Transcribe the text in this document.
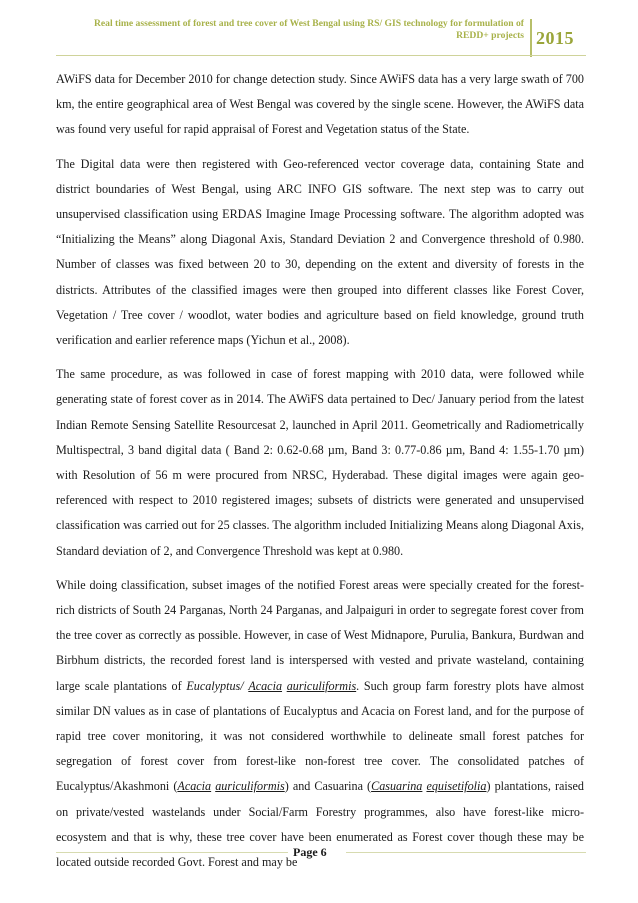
Real time assessment of forest and tree cover of West Bengal using RS/ GIS technology for formulation of
REDD+ projects 2015

AWiFS data for December 2010 for change detection study. Since AWiFS data has a very large swath of 700 km, the entire geographical area of West Bengal was covered by the single scene. However, the AWiFS data was found very useful for rapid appraisal of Forest and Vegetation status of the State.

The Digital data were then registered with Geo-referenced vector coverage data, containing State and district boundaries of West Bengal, using ARC INFO GIS software. The next step was to carry out unsupervised classification using ERDAS Imagine Image Processing software. The algorithm adopted was “Initializing the Means” along Diagonal Axis, Standard Deviation 2 and Convergence threshold of 0.980. Number of classes was fixed between 20 to 30, depending on the extent and diversity of forests in the districts. Attributes of the classified images were then grouped into different classes like Forest Cover, Vegetation / Tree cover / woodlot, water bodies and agriculture based on field knowledge, ground truth verification and earlier reference maps (Yichun et al., 2008).

The same procedure, as was followed in case of forest mapping with 2010 data, were followed while generating state of forest cover as in 2014. The AWiFS data pertained to Dec/ January period from the latest Indian Remote Sensing Satellite Resourcesat 2, launched in April 2011. Geometrically and Radiometrically Multispectral, 3 band digital data ( Band 2: 0.62-0.68 µm, Band 3: 0.77-0.86 µm, Band 4: 1.55-1.70 µm) with Resolution of 56 m were procured from NRSC, Hyderabad. These digital images were again geo-referenced with respect to 2010 registered images; subsets of districts were generated and unsupervised classification was carried out for 25 classes. The algorithm included Initializing Means along Diagonal Axis, Standard deviation of 2, and Convergence Threshold was kept at 0.980.

While doing classification, subset images of the notified Forest areas were specially created for the forest-rich districts of South 24 Parganas, North 24 Parganas, and Jalpaiguri in order to segregate forest cover from the tree cover as correctly as possible. However, in case of West Midnapore, Purulia, Bankura, Burdwan and Birbhum districts, the recorded forest land is interspersed with vested and private wasteland, containing large scale plantations of Eucalyptus/ Acacia auriculiformis. Such group farm forestry plots have almost similar DN values as in case of plantations of Eucalyptus and Acacia on Forest land, and for the purpose of rapid tree cover monitoring, it was not considered worthwhile to delineate small forest patches for segregation of forest cover from forest-like non-forest tree cover. The consolidated patches of Eucalyptus/Akashmoni (Acacia auriculiformis) and Casuarina (Casuarina equisetifolia) plantations, raised on private/vested wastelands under Social/Farm Forestry programmes, also have forest-like micro-ecosystem and that is why, these tree cover have been enumerated as Forest cover though these may be located outside recorded Govt. Forest and may be

Page 6
